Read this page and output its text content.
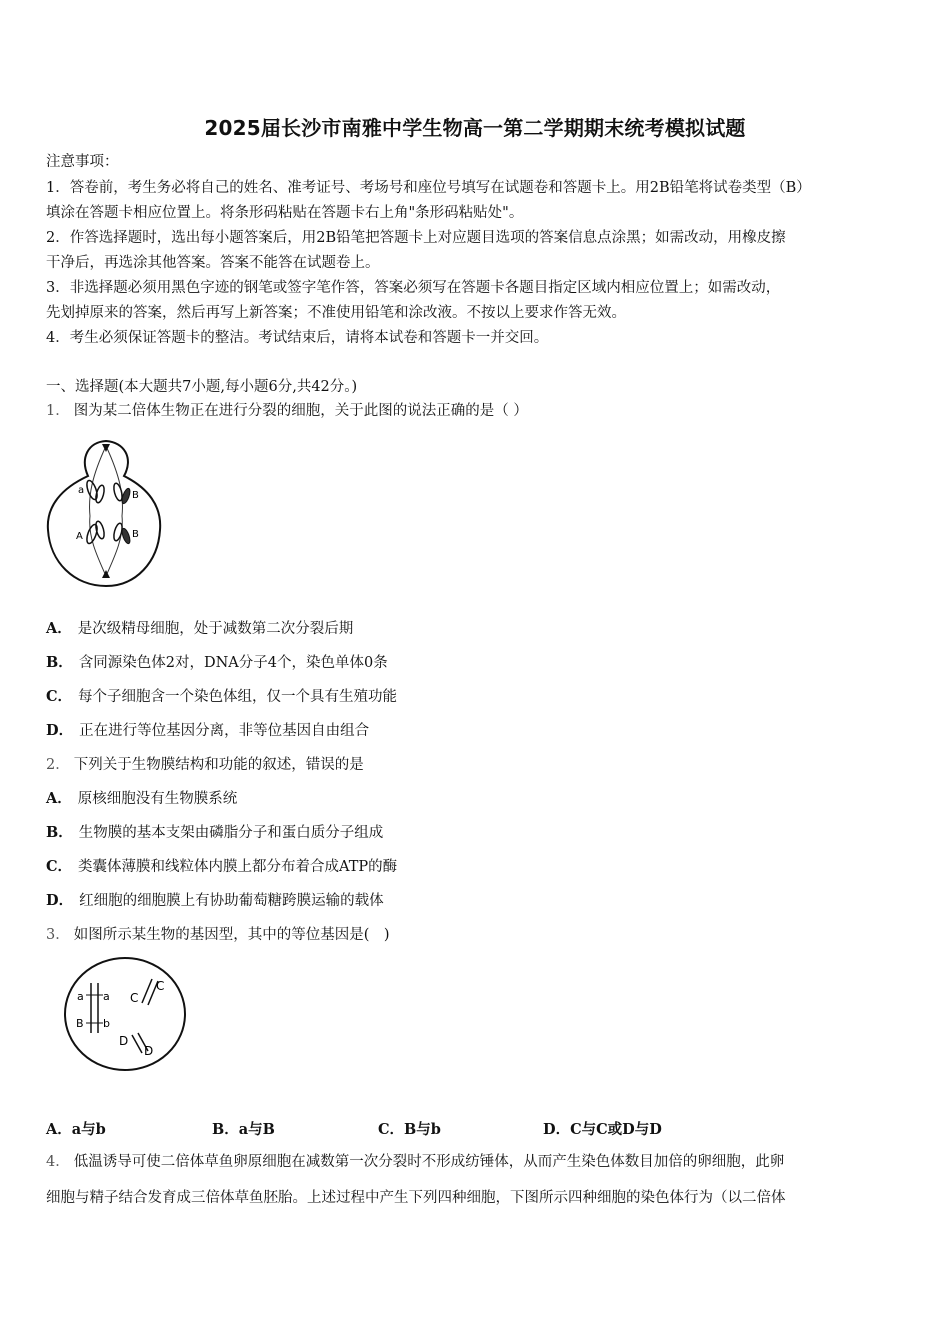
2025届长沙市南雅中学生物高一第二学期期末统考模拟试题
注意事项：
1．答卷前，考生务必将自己的姓名、准考证号、考场号和座位号填写在试题卷和答题卡上。用2B铅笔将试卷类型（B）
填涂在答题卡相应位置上。将条形码粘贴在答题卡右上角"条形码粘贴处"。
2．作答选择题时，选出每小题答案后，用2B铅笔把答题卡上对应题目选项的答案信息点涂黑；如需改动，用橡皮擦
干净后，再选涂其他答案。答案不能答在试题卷上。
3．非选择题必须用黑色字迹的钢笔或签字笔作答，答案必须写在答题卡各题目指定区域内相应位置上；如需改动，
先划掉原来的答案，然后再写上新答案；不准使用铅笔和涂改液。不按以上要求作答无效。
4．考生必须保证答题卡的整洁。考试结束后，请将本试卷和答题卡一并交回。
一、选择题(本大题共7小题,每小题6分,共42分。)
1． 图为某二倍体生物正在进行分裂的细胞，关于此图的说法正确的是（ ）
a	B
A	B
A． 是次级精母细胞，处于减数第二次分裂后期
B． 含同源染色体2对，DNA分子4个，染色单体0条
C． 每个子细胞含一个染色体组，仅一个具有生殖功能
D． 正在进行等位基因分离，非等位基因自由组合
2． 下列关于生物膜结构和功能的叙述，错误的是
A． 原核细胞没有生物膜系统
B． 生物膜的基本支架由磷脂分子和蛋白质分子组成
C． 类囊体薄膜和线粒体内膜上都分布着合成ATP的酶
D． 红细胞的细胞膜上有协助葡萄糖跨膜运输的载体
3． 如图所示某生物的基因型，其中的等位基因是(　)
a a
B b
C
C
D
D
A．a与b	B．a与B	C．B与b	D．C与C或D与D
4． 低温诱导可使二倍体草鱼卵原细胞在减数第一次分裂时不形成纺锤体，从而产生染色体数目加倍的卵细胞，此卵
细胞与精子结合发育成三倍体草鱼胚胎。上述过程中产生下列四种细胞，下图所示四种细胞的染色体行为（以二倍体
